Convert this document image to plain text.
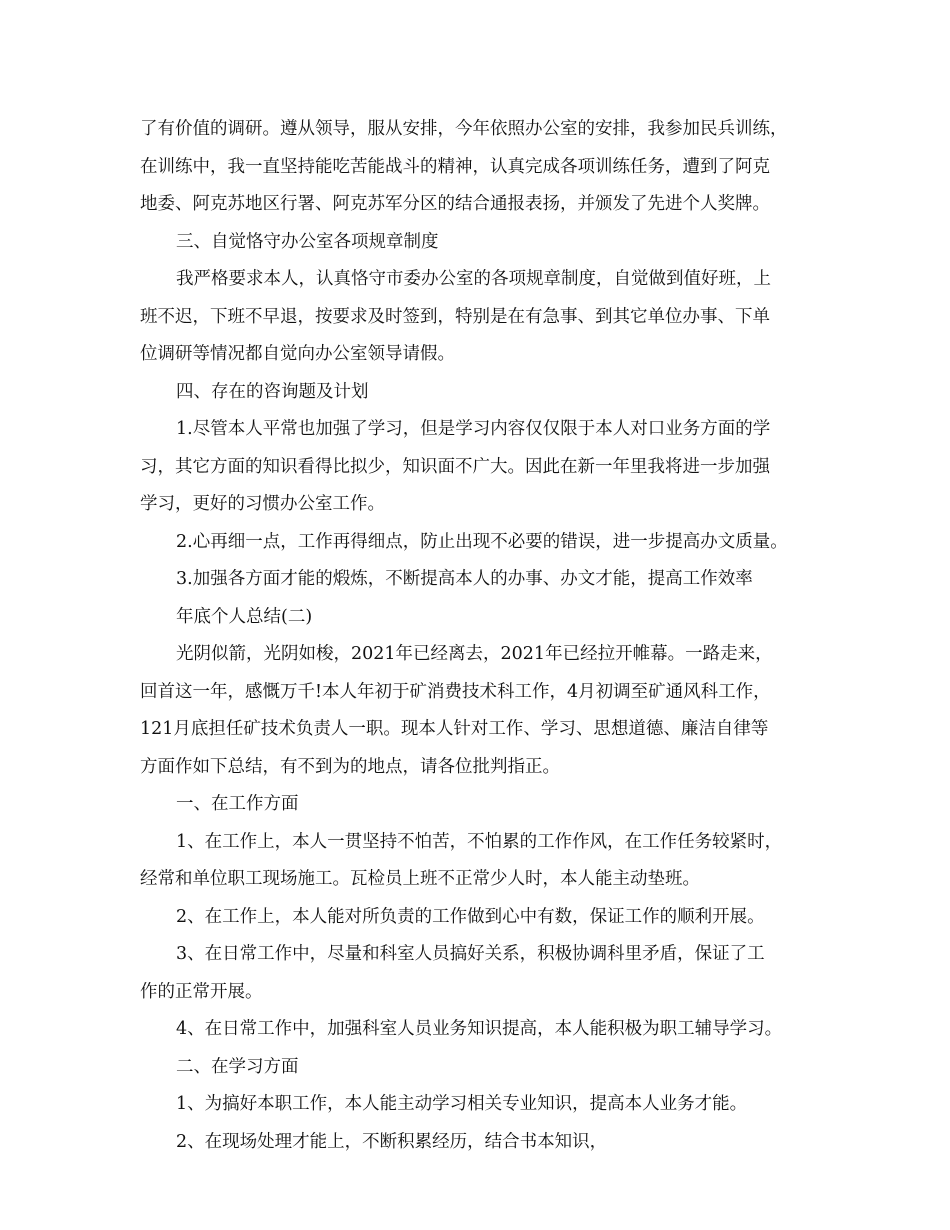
了有价值的调研。遵从领导，服从安排，今年依照办公室的安排，我参加民兵训练，
在训练中，我一直坚持能吃苦能战斗的精神，认真完成各项训练任务，遭到了阿克
地委、阿克苏地区行署、阿克苏军分区的结合通报表扬，并颁发了先进个人奖牌。
三、自觉恪守办公室各项规章制度
我严格要求本人，认真恪守市委办公室的各项规章制度，自觉做到值好班，上
班不迟，下班不早退，按要求及时签到，特别是在有急事、到其它单位办事、下单
位调研等情况都自觉向办公室领导请假。
四、存在的咨询题及计划
1.尽管本人平常也加强了学习，但是学习内容仅仅限于本人对口业务方面的学
习，其它方面的知识看得比拟少，知识面不广大。因此在新一年里我将进一步加强
学习，更好的习惯办公室工作。
2.心再细一点，工作再得细点，防止出现不必要的错误，进一步提高办文质量。
3.加强各方面才能的煅炼，不断提高本人的办事、办文才能，提高工作效率
年底个人总结(二)
光阴似箭，光阴如梭，2021年已经离去，2021年已经拉开帷幕。一路走来，
回首这一年，感慨万千!本人年初于矿消费技术科工作，4月初调至矿通风科工作，
121月底担任矿技术负责人一职。现本人针对工作、学习、思想道德、廉洁自律等
方面作如下总结，有不到为的地点，请各位批判指正。
一、在工作方面
1、在工作上，本人一贯坚持不怕苦，不怕累的工作作风，在工作任务较紧时，
经常和单位职工现场施工。瓦检员上班不正常少人时，本人能主动垫班。
2、在工作上，本人能对所负责的工作做到心中有数，保证工作的顺利开展。
3、在日常工作中，尽量和科室人员搞好关系，积极协调科里矛盾，保证了工
作的正常开展。
4、在日常工作中，加强科室人员业务知识提高，本人能积极为职工辅导学习。
二、在学习方面
1、为搞好本职工作，本人能主动学习相关专业知识，提高本人业务才能。
2、在现场处理才能上，不断积累经历，结合书本知识，
